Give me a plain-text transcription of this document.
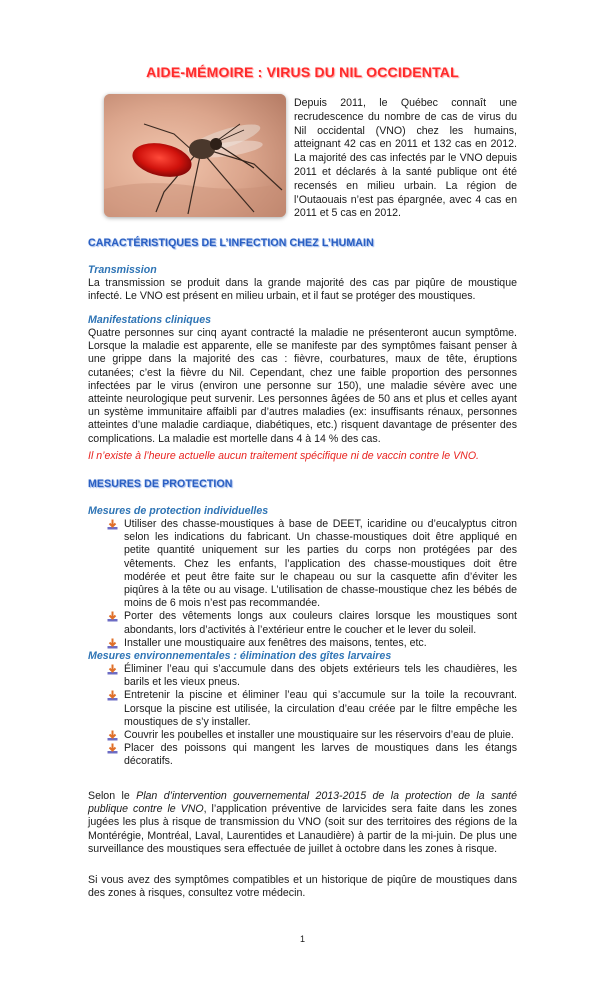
AIDE-MÉMOIRE : VIRUS DU NIL OCCIDENTAL
Depuis 2011, le Québec connaît une recrudescence du nombre de cas de virus du Nil occidental (VNO) chez les humains, atteignant 42 cas en 2011 et 132 cas en 2012. La majorité des cas infectés par le VNO depuis 2011 et déclarés à la santé publique ont été recensés en milieu urbain. La région de l’Outaouais n’est pas épargnée, avec 4 cas en 2011 et 5 cas en 2012.
CARACTÉRISTIQUES DE L’INFECTION CHEZ L’HUMAIN
Transmission
La transmission se produit dans la grande majorité des cas par piqûre de moustique infecté. Le VNO est présent en milieu urbain, et il faut se protéger des moustiques.
Manifestations cliniques
Quatre personnes sur cinq ayant contracté la maladie ne présenteront aucun symptôme. Lorsque la maladie est apparente, elle se manifeste par des symptômes faisant penser à une grippe dans la majorité des cas : fièvre, courbatures, maux de tête, éruptions cutanées; c’est la fièvre du Nil. Cependant, chez une faible proportion des personnes infectées par le virus (environ une personne sur 150), une maladie sévère avec une atteinte neurologique peut survenir. Les personnes âgées de 50 ans et plus et celles ayant un système immunitaire affaibli par d’autres maladies (ex: insuffisants rénaux, personnes atteintes d’une maladie cardiaque, diabétiques, etc.) risquent davantage de présenter des complications. La maladie est mortelle dans 4 à 14 % des cas.
Il n’existe à l’heure actuelle aucun traitement spécifique ni de vaccin contre le VNO.
MESURES DE PROTECTION
Mesures de protection individuelles
Utiliser des chasse-moustiques à base de DEET, icaridine ou d’eucalyptus citron selon les indications du fabricant. Un chasse-moustiques doit être appliqué en petite quantité uniquement sur les parties du corps non protégées par des vêtements. Chez les enfants, l’application des chasse-moustiques doit être modérée et peut être faite sur le chapeau ou sur la casquette afin d’éviter les piqûres à la tête ou au visage. L’utilisation de chasse-moustique chez les bébés de moins de 6 mois n’est pas recommandée.
Porter des vêtements longs aux couleurs claires lorsque les moustiques sont abondants, lors d’activités à l’extérieur entre le coucher et le lever du soleil.
Installer une moustiquaire aux fenêtres des maisons, tentes, etc.
Mesures environnementales : élimination des gîtes larvaires
Éliminer l’eau qui s’accumule dans des objets extérieurs tels les chaudières, les barils et les vieux pneus.
Entretenir la piscine et éliminer l’eau qui s’accumule sur la toile la recouvrant. Lorsque la piscine est utilisée, la circulation d’eau créée par le filtre empêche les moustiques de s’y installer.
Couvrir les poubelles et installer une moustiquaire sur les réservoirs d’eau de pluie.
Placer des poissons qui mangent les larves de moustiques dans les étangs décoratifs.
Selon le Plan d’intervention gouvernemental 2013-2015 de la protection de la santé publique contre le VNO, l’application préventive de larvicides sera faite dans les zones jugées les plus à risque de transmission du VNO (soit sur des territoires des régions de la Montérégie, Montréal, Laval, Laurentides et Lanaudière) à partir de la mi-juin. De plus une surveillance des moustiques sera effectuée de juillet à octobre dans les zones à risque.
Si vous avez des symptômes compatibles et un historique de piqûre de moustiques dans des zones à risques, consultez votre médecin.
1
